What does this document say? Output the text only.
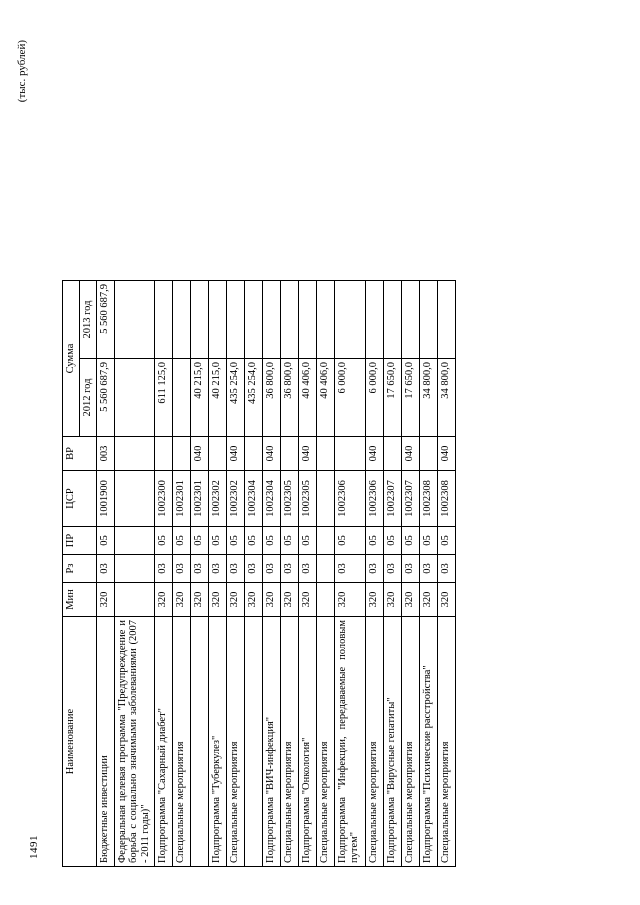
1491
(тыс. рублей)
Наименование	Мин	Рз	ПР	ЦСР	ВР	Сумма	
						2012 год	2013 год
Бюджетные инвестиции	320	03	05	1001900	003	5 560 687,9	5 560 687,9
Федеральная целевая программа "Предупреждение и борьба с социально значимыми заболеваниями (2007 - 2011 годы)"							
Подпрограмма "Сахарный диабет"	320	03	05	1002300		611 125,0	
Специальные мероприятия	320	03	05	1002301			
	320	03	05	1002301	040	40 215,0	
Подпрограмма "Туберкулез"	320	03	05	1002302		40 215,0	
Специальные мероприятия	320	03	05	1002302	040	435 254,0	
	320	03	05	1002304		435 254,0	
Подпрограмма "ВИЧ-инфекция"	320	03	05	1002304	040	36 800,0	
Специальные мероприятия	320	03	05	1002305		36 800,0	
Подпрограмма "Онкология"	320	03	05	1002305	040	40 406,0	
Специальные мероприятия						40 406,0	
Подпрограмма "Инфекции, передаваемые половым путем"	320	03	05	1002306		6 000,0	
Специальные мероприятия	320	03	05	1002306	040	6 000,0	
Подпрограмма "Вирусные гепатиты"	320	03	05	1002307		17 650,0	
Специальные мероприятия	320	03	05	1002307	040	17 650,0	
Подпрограмма "Психические расстройства"	320	03	05	1002308		34 800,0	
Специальные мероприятия	320	03	05	1002308	040	34 800,0	
